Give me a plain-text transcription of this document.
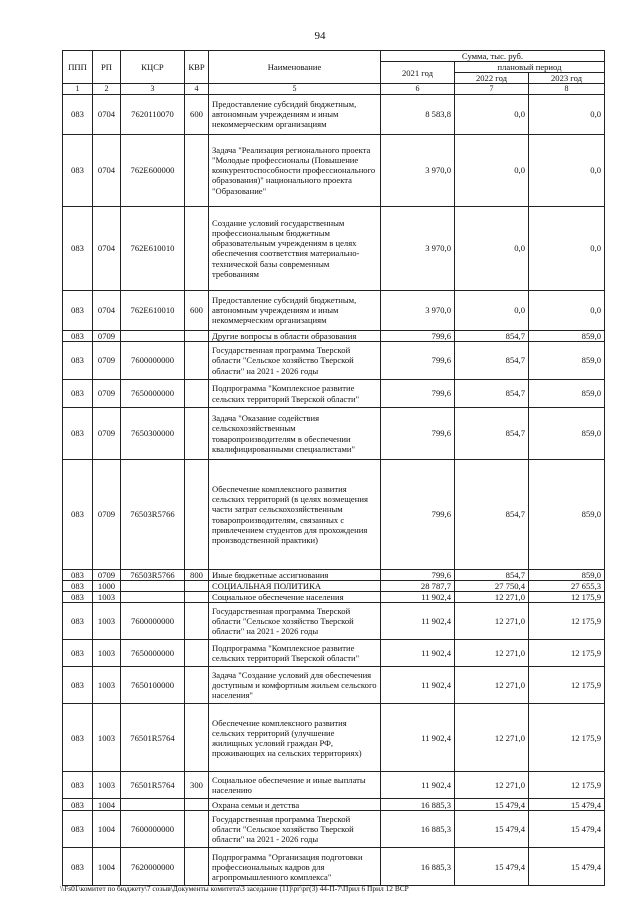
94
ППП	РП	КЦСР	КВР	Наименование	Сумма, тыс. руб.		
					2021 год	плановый период	
						2022 год	2023 год
1	2	3	4	5	6	7	8
083	0704	7620110070	600	Предоставление субсидий бюджетным, автономным учреждениям и иным некоммерческим организациям	8 583,8	0,0	0,0
083	0704	762E600000		Задача "Реализация регионального проекта "Молодые профессионалы (Повышение конкурентоспособности профессионального образования)" национального проекта "Образование"	3 970,0	0,0	0,0
083	0704	762E610010		Создание условий государственным профессиональным бюджетным образовательным учреждениям в целях обеспечения соответствия материально-технической базы современным требованиям	3 970,0	0,0	0,0
083	0704	762E610010	600	Предоставление субсидий бюджетным, автономным учреждениям и иным некоммерческим организациям	3 970,0	0,0	0,0
083	0709			Другие вопросы в области образования	799,6	854,7	859,0
083	0709	7600000000		Государственная программа Тверской области "Сельское хозяйство Тверской области" на 2021 - 2026 годы	799,6	854,7	859,0
083	0709	7650000000		Подпрограмма "Комплексное развитие сельских территорий Тверской области"	799,6	854,7	859,0
083	0709	7650300000		Задача "Оказание содействия сельскохозяйственным товаропроизводителям в обеспечении квалифицированными специалистами"	799,6	854,7	859,0
083	0709	76503R5766		Обеспечение комплексного развития сельских территорий (в целях возмещения части затрат сельскохозяйственным товаропроизводителям, связанных с привлечением студентов для прохождения производственной практики)	799,6	854,7	859,0
083	0709	76503R5766	800	Иные бюджетные ассигнования	799,6	854,7	859,0
083	1000			СОЦИАЛЬНАЯ ПОЛИТИКА	28 787,7	27 750,4	27 655,3
083	1003			Социальное обеспечение населения	11 902,4	12 271,0	12 175,9
083	1003	7600000000		Государственная программа Тверской области "Сельское хозяйство Тверской области" на 2021 - 2026 годы	11 902,4	12 271,0	12 175,9
083	1003	7650000000		Подпрограмма "Комплексное развитие сельских территорий Тверской области"	11 902,4	12 271,0	12 175,9
083	1003	7650100000		Задача "Создание условий для обеспечения доступным и комфортным жильем сельского населения"	11 902,4	12 271,0	12 175,9
083	1003	76501R5764		Обеспечение комплексного развития сельских территорий (улучшение жилищных условий граждан РФ, проживающих на сельских территориях)	11 902,4	12 271,0	12 175,9
083	1003	76501R5764	300	Социальное обеспечение и иные выплаты населению	11 902,4	12 271,0	12 175,9
083	1004			Охрана семьи и детства	16 885,3	15 479,4	15 479,4
083	1004	7600000000		Государственная программа Тверской области "Сельское хозяйство Тверской области" на 2021 - 2026 годы	16 885,3	15 479,4	15 479,4
083	1004	7620000000		Подпрограмма "Организация подготовки профессиональных кадров для агропромышленного комплекса"	16 885,3	15 479,4	15 479,4
\\Fs01\комитет по бюджету\7 созыв\Документы комитета\3 заседание (11)\рг\рг(3) 44-П-7\Прил 6 Прил 12 ВСР
